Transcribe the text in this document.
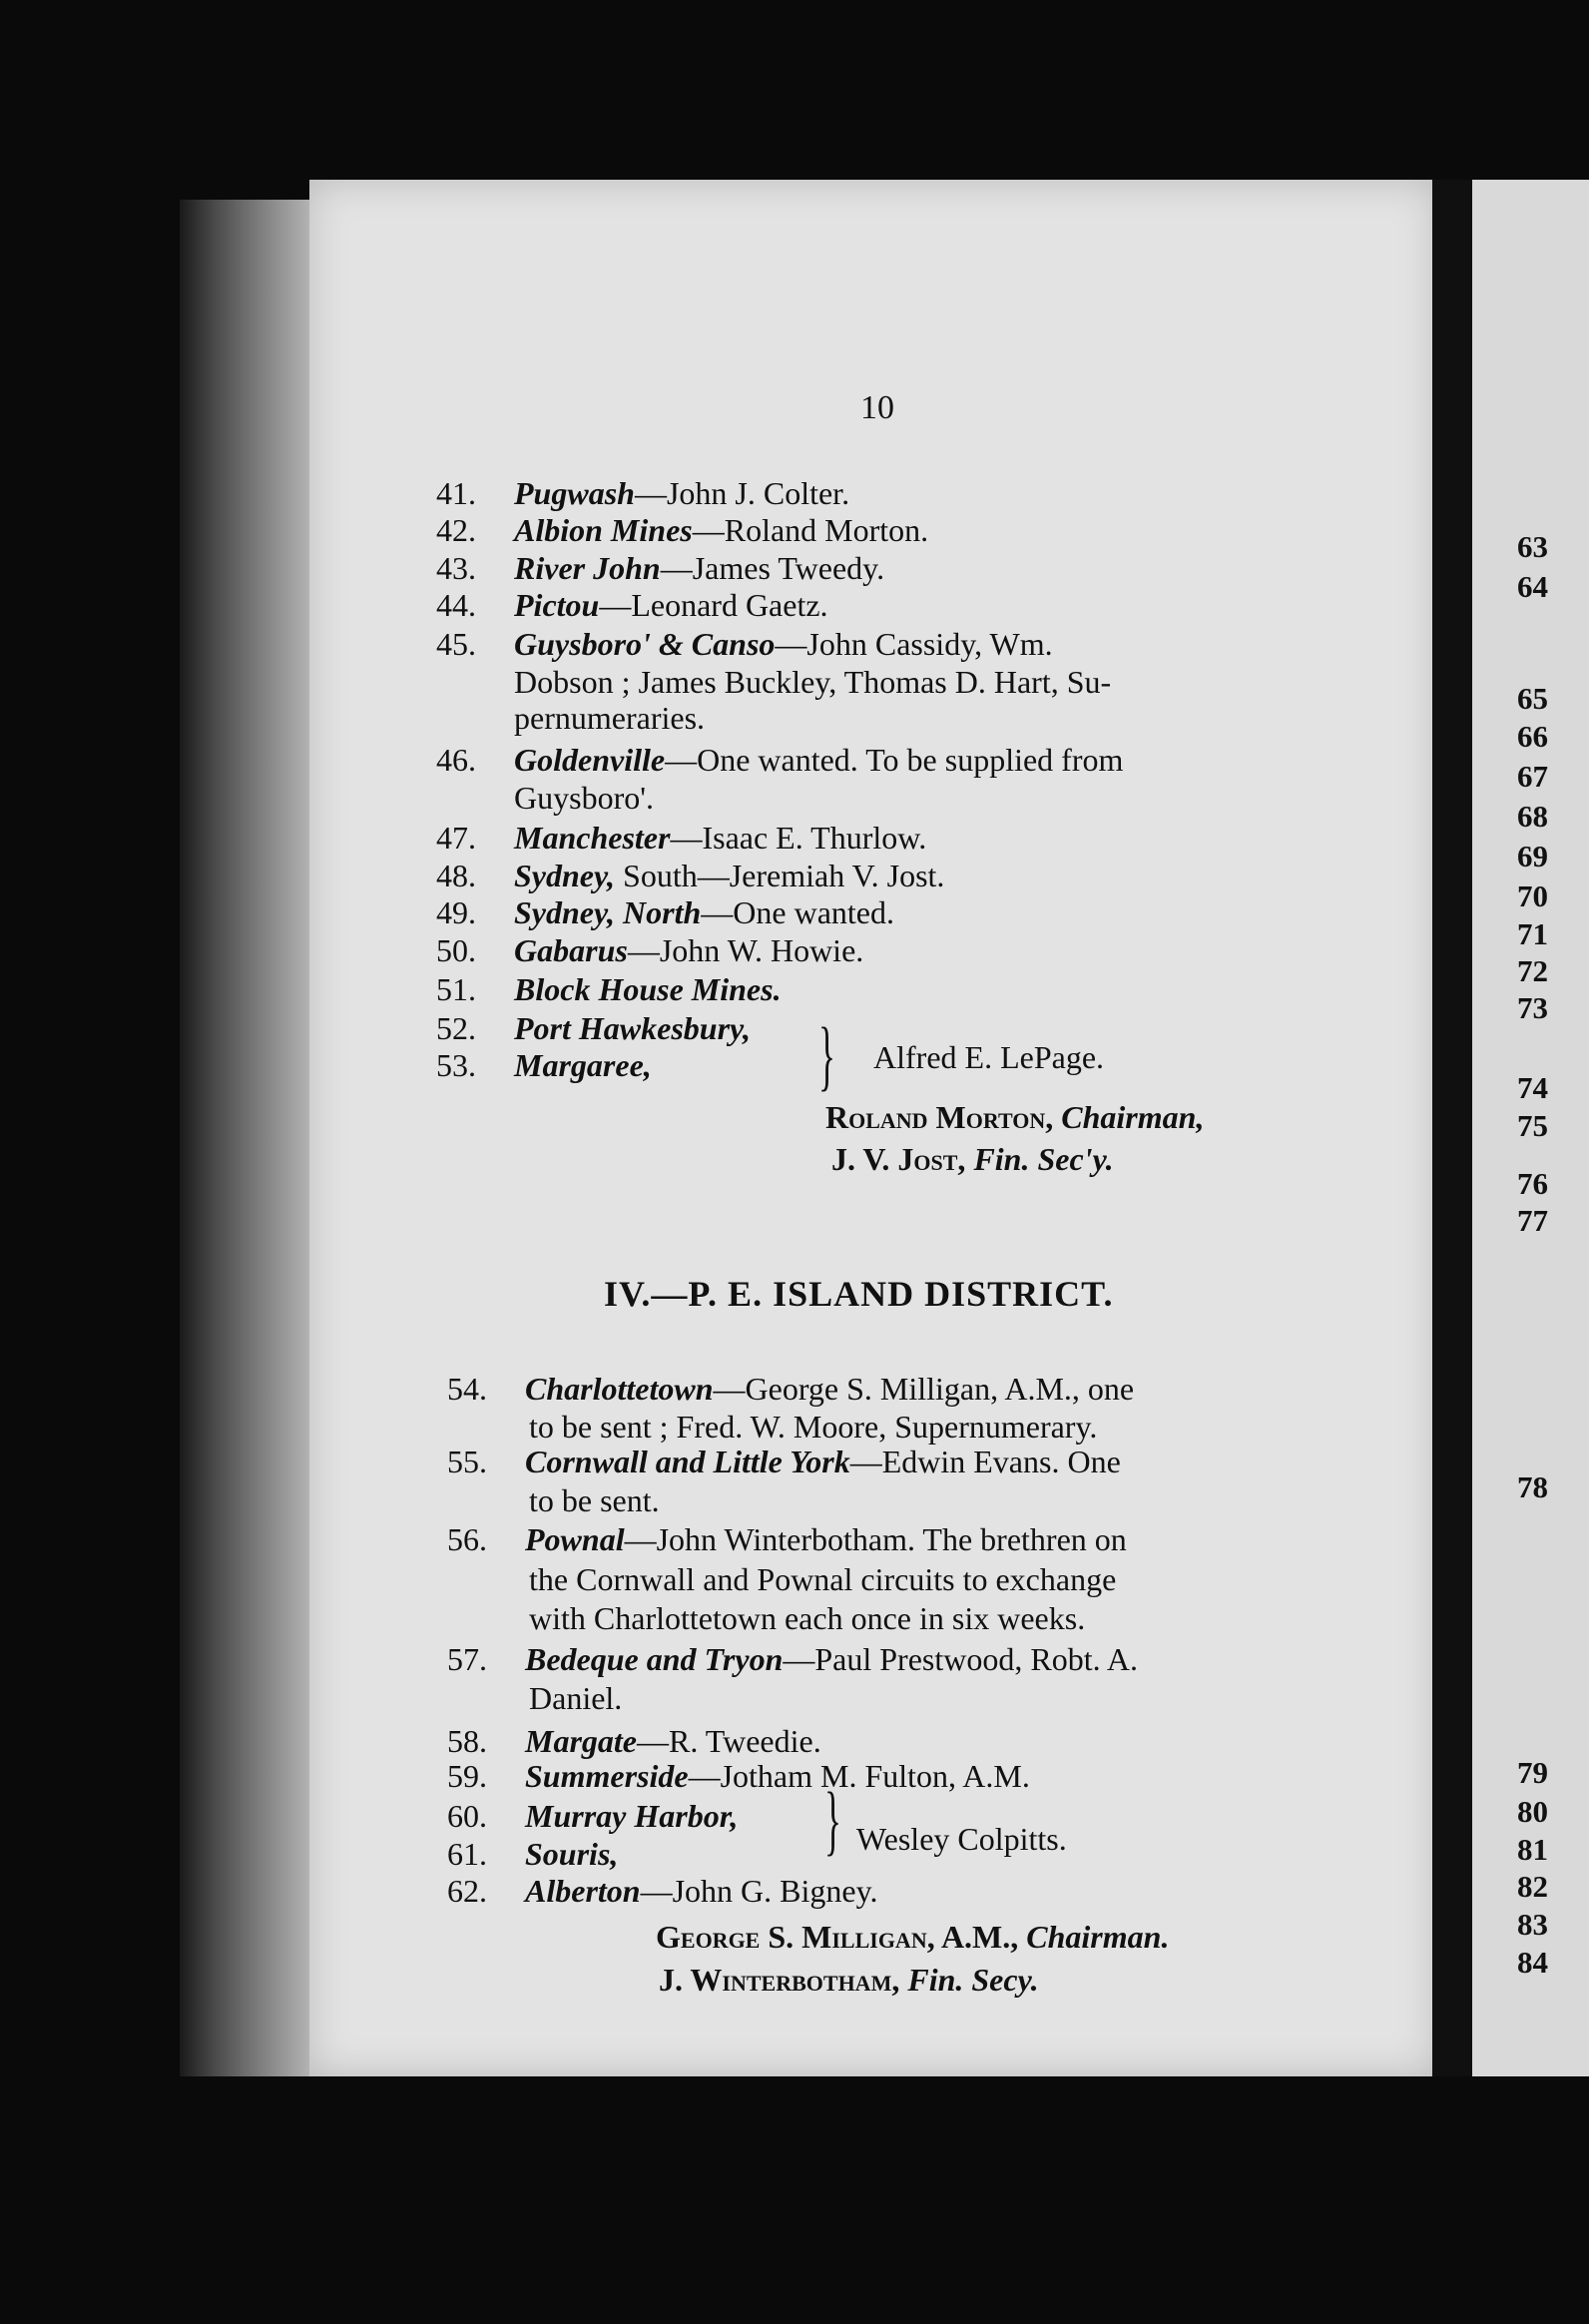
10
41. Pugwash—John J. Colter.
42. Albion Mines—Roland Morton.
43. River John—James Tweedy.
44. Pictou—Leonard Gaetz.
45. Guysboro' & Canso—John Cassidy, Wm.
Dobson ; James Buckley, Thomas D. Hart, Su-
pernumeraries.
46. Goldenville—One wanted. To be supplied from
Guysboro'.
47. Manchester—Isaac E. Thurlow.
48. Sydney, South—Jeremiah V. Jost.
49. Sydney, North—One wanted.
50. Gabarus—John W. Howie.
51. Block House Mines.
52. Port Hawkesbury,
53. Margaree, } Alfred E. LePage.
Roland Morton, Chairman,
J. V. Jost, Fin. Sec'y.
IV.—P. E. ISLAND DISTRICT.
54. Charlottetown—George S. Milligan, A.M., one
to be sent ; Fred. W. Moore, Supernumerary.
55. Cornwall and Little York—Edwin Evans. One
to be sent.
56. Pownal—John Winterbotham. The brethren on
the Cornwall and Pownal circuits to exchange
with Charlottetown each once in six weeks.
57. Bedeque and Tryon—Paul Prestwood, Robt. A.
Daniel.
58. Margate—R. Tweedie.
59. Summerside—Jotham M. Fulton, A.M.
60. Murray Harbor,
61. Souris,
62. Alberton—John G. Bigney.
} Wesley Colpitts.
George S. Milligan, A.M., Chairman.
J. Winterbotham, Fin. Secy.
63
64
65
66
67
68
69
70
71
72
73
74
75
76
77
78
79
80
81
82
83
84
